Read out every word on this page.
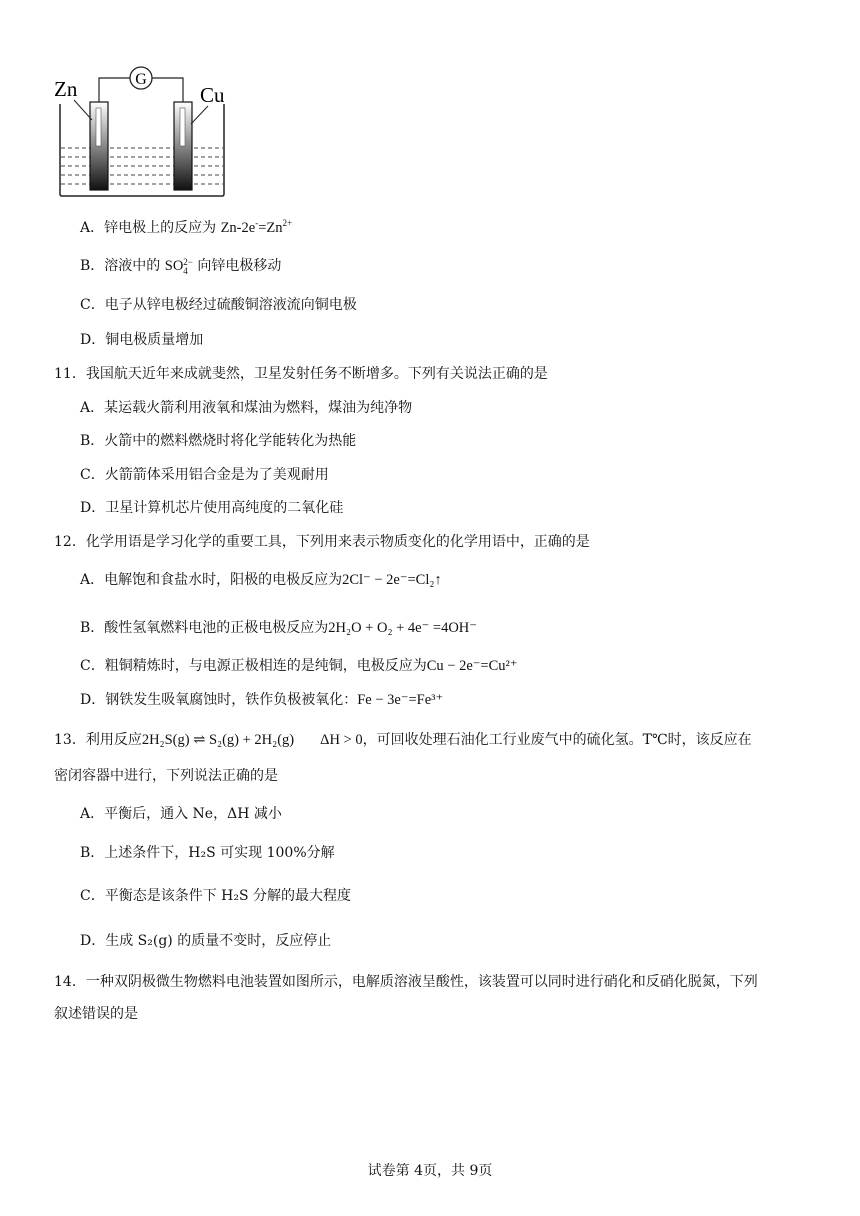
G
Zn	Cu
A．锌电极上的反应为 $Zn-2e^-=Zn^{2+}$
B．溶液中的 SO 2−
4 向锌电极移动
C．电子从锌电极经过硫酸铜溶液流向铜电极
D．铜电极质量增加
11．我国航天近年来成就斐然，卫星发射任务不断增多。下列有关说法正确的是
A．某运载火箭利用液氧和煤油为燃料，煤油为纯净物
B．火箭中的燃料燃烧时将化学能转化为热能
C．火箭箭体采用铝合金是为了美观耐用
D．卫星计算机芯片使用高纯度的二氧化硅
12．化学用语是学习化学的重要工具，下列用来表示物质变化的化学用语中，正确的是
A．电解饱和食盐水时，阳极的电极反应为2Cl⁻ − 2e⁻=Cl₂↑
B．酸性氢氧燃料电池的正极电极反应为2H₂O + O₂ + 4e⁻ =4OH⁻
C．粗铜精炼时，与电源正极相连的是纯铜，电极反应为Cu − 2e⁻=Cu²⁺
D．钢铁发生吸氧腐蚀时，铁作负极被氧化：Fe − 3e⁻=Fe³⁺
13．利用反应2H₂S(g) ⇌ S₂(g) + 2H₂(g) ΔH > 0，可回收处理石油化工行业废气中的硫化氢。T℃时，该反应在
密闭容器中进行，下列说法正确的是
A．平衡后，通入 Ne，ΔH 减小
B．上述条件下，H₂S 可实现 100%分解
C．平衡态是该条件下 H₂S 分解的最大程度
D．生成 S₂(g) 的质量不变时，反应停止
14．一种双阴极微生物燃料电池装置如图所示，电解质溶液呈酸性，该装置可以同时进行硝化和反硝化脱氮，下列
叙述错误的是
试卷第 4页，共 9页
